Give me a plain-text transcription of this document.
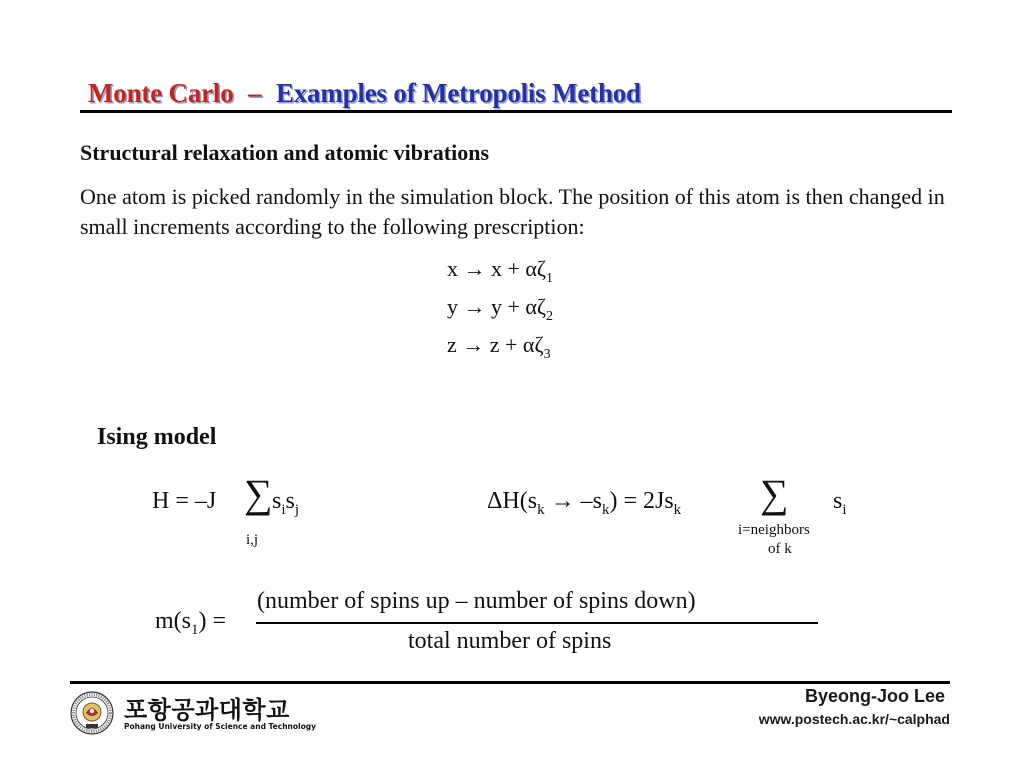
Monte Carlo – Examples of Metropolis Method
Structural relaxation and atomic vibrations
One atom is picked randomly in the simulation block. The position of this atom is then changed in small increments according to the following prescription:
$x \to x + \alpha\zeta_1$
$y \to y + \alpha\zeta_2$
$z \to z + \alpha\zeta_3$
Ising model
H = –J ∑
i,j
$s_is_j$	$\Delta H(s_k \to -s_k) = 2Js_k$ ∑
i=neighbors
of k
$s_i$
$m(s_1)$ =
(number of spins up – number of spins down)
total number of spins
포항공과대학교
Pohang University of Science and Technology
Byeong-Joo Lee
www.postech.ac.kr/~calphad
